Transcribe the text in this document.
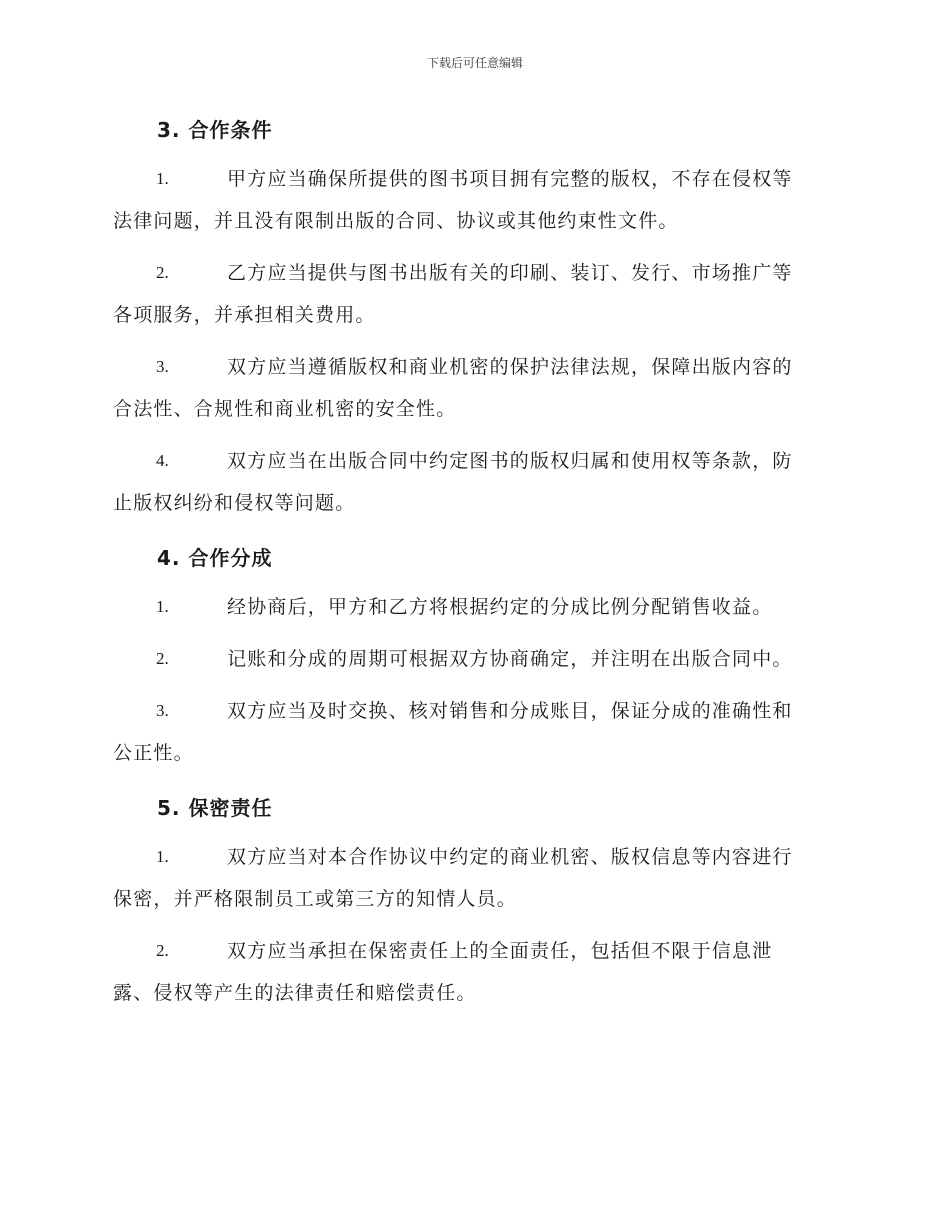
下载后可任意编辑
3. 合作条件
1.	甲方应当确保所提供的图书项目拥有完整的版权，不存在侵权等
法律问题，并且没有限制出版的合同、协议或其他约束性文件。
2.	乙方应当提供与图书出版有关的印刷、装订、发行、市场推广等
各项服务，并承担相关费用。
3.	双方应当遵循版权和商业机密的保护法律法规，保障出版内容的
合法性、合规性和商业机密的安全性。
4.	双方应当在出版合同中约定图书的版权归属和使用权等条款，防
止版权纠纷和侵权等问题。
4. 合作分成
1.	经协商后，甲方和乙方将根据约定的分成比例分配销售收益。
2.	记账和分成的周期可根据双方协商确定，并注明在出版合同中。
3.	双方应当及时交换、核对销售和分成账目，保证分成的准确性和
公正性。
5. 保密责任
1.	双方应当对本合作协议中约定的商业机密、版权信息等内容进行
保密，并严格限制员工或第三方的知情人员。
2.	双方应当承担在保密责任上的全面责任，包括但不限于信息泄
露、侵权等产生的法律责任和赔偿责任。
